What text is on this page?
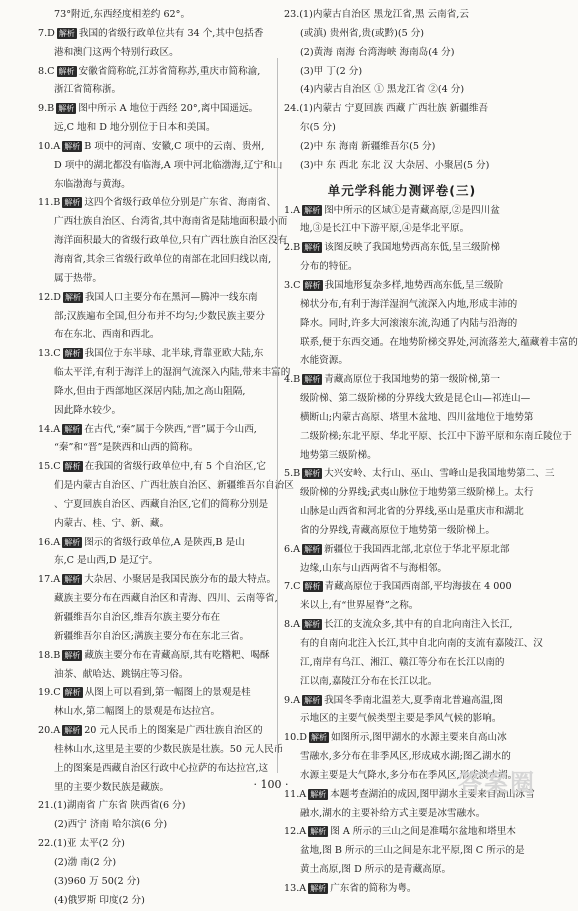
73°附近,东西经度相差约 62°。
7.D 解析 我国的省级行政单位共有 34 个,其中包括香
港和澳门这两个特别行政区。
8.C 解析 安徽省简称皖,江苏省简称苏,重庆市简称渝,
浙江省简称浙。
9.B 解析 图中所示 A 地位于西经 20°,离中国遥远。
远,C 地和 D 地分别位于日本和美国。
10.A 解析 B 项中的河南、安徽,C 项中的云南、贵州,
D 项中的湖北都没有临海,A 项中河北临渤海,辽宁和山
东临渤海与黄海。
11.B 解析 这四个省级行政单位分别是广东省、海南省、
广西壮族自治区、台湾省,其中海南省是陆地面积最小而
海洋面积最大的省级行政单位,只有广西壮族自治区没有
海南省,其余三省级行政单位的南部在北回归线以南,
属于热带。
12.D 解析 我国人口主要分布在黑河—腾冲一线东南
部;汉族遍布全国,但分布并不均匀;少数民族主要分
布在东北、西南和西北。
13.C 解析 我国位于东半球、北半球,背靠亚欧大陆,东
临太平洋,有利于海洋上的湿润气流深入内陆,带来丰富的
降水,但由于西部地区深居内陆,加之高山阻隔,
因此降水较少。
14.A 解析 在古代,“秦”属于今陕西,“晋”属于今山西,
“秦”和“晋”是陕西和山西的简称。
15.C 解析 在我国的省级行政单位中,有 5 个自治区,它
们是内蒙古自治区、广西壮族自治区、新疆维吾尔自治区
、宁夏回族自治区、西藏自治区,它们的简称分别是
内蒙古、桂、宁、新、藏。
16.A 解析 图示的省级行政单位,A 是陕西,B 是山
东,C 是山西,D 是辽宁。
17.A 解析 大杂居、小聚居是我国民族分布的最大特点。
藏族主要分布在西藏自治区和青海、四川、云南等省,
新疆维吾尔自治区,维吾尔族主要分布在
新疆维吾尔自治区;满族主要分布在东北三省。
18.B 解析 藏族主要分布在青藏高原,其有吃糌粑、喝酥
油茶、献哈达、跳锅庄等习俗。
19.C 解析 从图上可以看到,第一幅图上的景观是桂
林山水,第二幅图上的景观是布达拉宫。
20.A 解析 20 元人民币上的图案是广西壮族自治区的
桂林山水,这里是主要的少数民族是壮族。50 元人民币
上的图案是西藏自治区行政中心拉萨的布达拉宫,这
里的主要少数民族是藏族。
21.(1)湖南省 广东省 陕西省(6 分)
(2)西宁 济南 哈尔滨(6 分)
22.(1)亚 太平(2 分)
(2)渤 南(2 分)
(3)960 万 50(2 分)
(4)俄罗斯 印度(2 分)
23.(1)内蒙古自治区 黑龙江省,黑 云南省,云
(或滇) 贵州省,贵(或黔)(5 分)
(2)黄海 南海 台湾海峡 海南岛(4 分)
(3)甲 丁(2 分)
(4)内蒙古自治区 ① 黑龙江省 ②(4 分)
24.(1)内蒙古 宁夏回族 西藏 广西壮族 新疆维吾
尔(5 分)
(2)中 东 海南 新疆维吾尔(5 分)
(3)中 东 西北 东北 汉 大杂居、小聚居(5 分)
单元学科能力测评卷(三)
1.A 解析 图中所示的区域①是青藏高原,②是四川盆
地,③是长江中下游平原,④是华北平原。
2.B 解析 该图反映了我国地势西高东低,呈三级阶梯
分布的特征。
3.C 解析 我国地形复杂多样,地势西高东低,呈三级阶
梯状分布,有利于海洋湿润气流深入内地,形成丰沛的
降水。同时,许多大河滚滚东流,沟通了内陆与沿海的
联系,便于东西交通。在地势阶梯交界处,河流落差大,蕴藏着丰富的
水能资源。
4.B 解析 青藏高原位于我国地势的第一级阶梯,第一
级阶梯、第二级阶梯的分界线大致是昆仑山—祁连山—
横断山;内蒙古高原、塔里木盆地、四川盆地位于地势第
二级阶梯;东北平原、华北平原、长江中下游平原和东南丘陵位于
地势第三级阶梯。
5.B 解析 大兴安岭、太行山、巫山、雪峰山是我国地势第二、三
级阶梯的分界线;武夷山脉位于地势第三级阶梯上。太行
山脉是山西省和河北省的分界线,巫山是重庆市和湖北
省的分界线,青藏高原位于地势第一级阶梯上。
6.A 解析 新疆位于我国西北部,北京位于华北平原北部
边缘,山东与山西两省不与海相邻。
7.C 解析 青藏高原位于我国西南部,平均海拔在 4 000
米以上,有“世界屋脊”之称。
8.A 解析 长江的支流众多,其中有的自北向南注入长江,
有的自南向北注入长江,其中自北向南的支流有嘉陵江、汉
江,南岸有乌江、湘江、赣江等分布在长江以南的
江以南,嘉陵江分布在长江以北。
9.A 解析 我国冬季南北温差大,夏季南北普遍高温,图
示地区的主要气候类型主要是季风气候的影响。
10.D 解析 如图所示,图甲湖水的水源主要来自高山冰
雪融水,多分布在非季风区,形成咸水湖;图乙湖水的
水源主要是大气降水,多分布在季风区,形成淡水湖。
11.A 解析 本题考查湖泊的成因,图甲湖水主要来自高山冰雪
融水,湖水的主要补给方式主要是冰雪融水。
12.A 解析 图 A 所示的三山之间是准噶尔盆地和塔里木
盆地,图 B 所示的三山之间是东北平原,图 C 所示的是
黄土高原,图 D 所示的是青藏高原。
13.A 解析 广东省的简称为粤。
· 100 ·	答案圈
